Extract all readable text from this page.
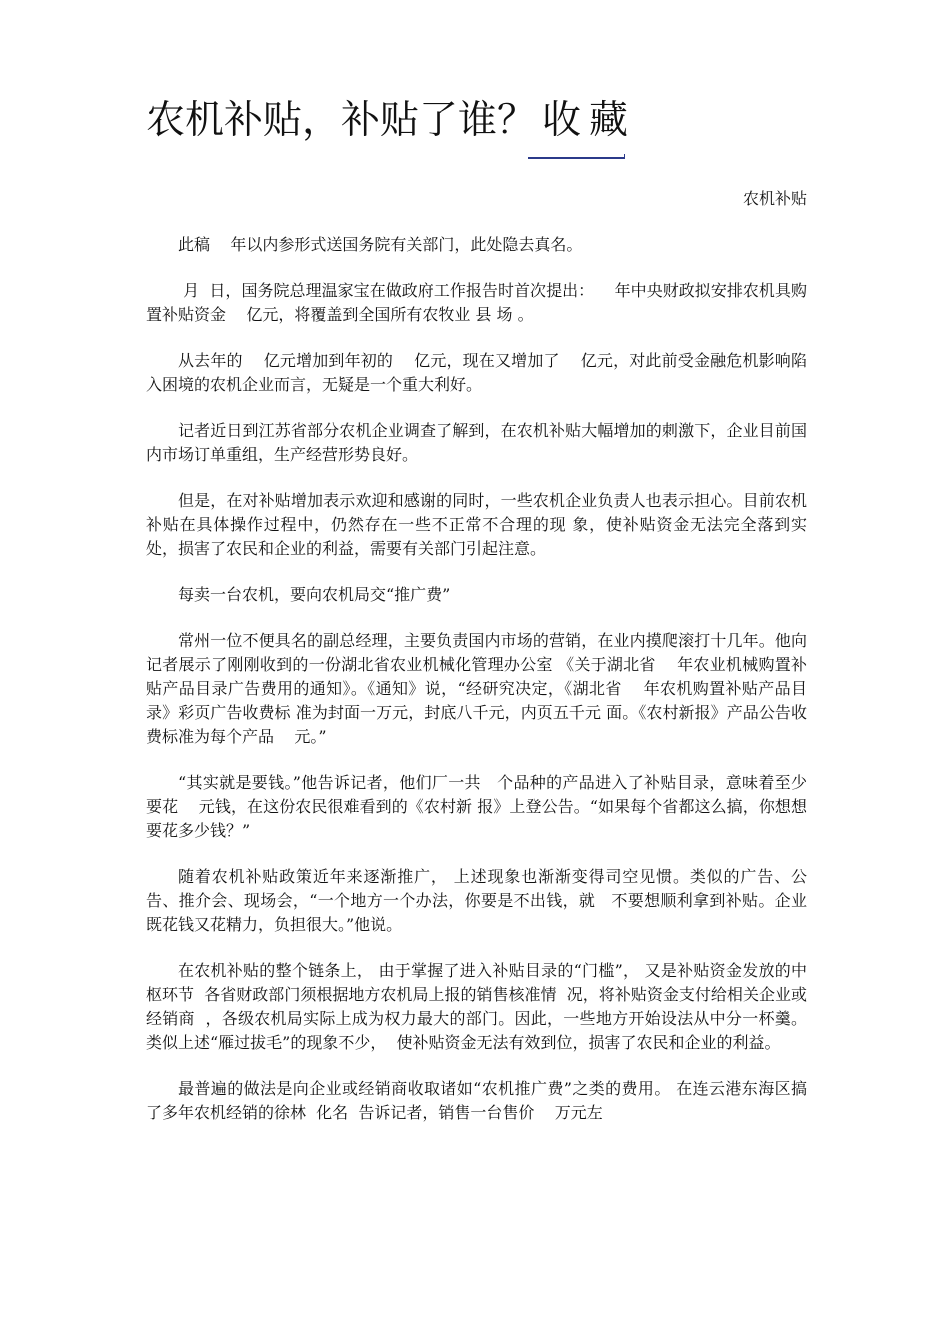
农机补贴，补贴了谁？ 收藏
农机补贴

此稿    年以内参形式送国务院有关部门，此处隐去真名。

月  日，国务院总理温家宝在做政府工作报告时首次提出：    年中央财政拟安排农机具购置补贴资金    亿元，将覆盖到全国所有农牧业 县 场 。

从去年的    亿元增加到年初的    亿元，现在又增加了    亿元，对此前受金融危机影响陷入困境的农机企业而言，无疑是一个重大利好。

记者近日到江苏省部分农机企业调查了解到，在农机补贴大幅增加的刺激下，企业目前国内市场订单重组，生产经营形势良好。

但是，在对补贴增加表示欢迎和感谢的同时，一些农机企业负责人也表示担心。目前农机补贴在具体操作过程中，仍然存在一些不正常不合理的现 象，使补贴资金无法完全落到实处，损害了农民和企业的利益，需要有关部门引起注意。

每卖一台农机，要向农机局交“推广费”

常州一位不便具名的副总经理，主要负责国内市场的营销，在业内摸爬滚打十几年。他向记者展示了刚刚收到的一份湖北省农业机械化管理办公室 《关于湖北省    年农业机械购置补贴产品目录广告费用的通知》。《通知》说，“经研究决定，《湖北省    年农机购置补贴产品目录》彩页广告收费标 准为封面一万元，封底八千元，内页五千元 面。《农村新报》产品公告收费标准为每个产品    元。”

“其实就是要钱。”他告诉记者，他们厂一共   个品种的产品进入了补贴目录，意味着至少要花    元钱，在这份农民很难看到的《农村新 报》上登公告。“如果每个省都这么搞，你想想要花多少钱？”

随着农机补贴政策近年来逐渐推广， 上述现象也渐渐变得司空见惯。类似的广告、公告、推介会、现场会，“一个地方一个办法，你要是不出钱，就   不要想顺利拿到补贴。企业既花钱又花精力，负担很大。”他说。

在农机补贴的整个链条上， 由于掌握了进入补贴目录的“门槛”， 又是补贴资金发放的中枢环节  各省财政部门须根据地方农机局上报的销售核准情  况，将补贴资金支付给相关企业或经销商  ，各级农机局实际上成为权力最大的部门。因此，一些地方开始设法从中分一杯羹。类似上述“雁过拔毛”的现象不少，  使补贴资金无法有效到位，损害了农民和企业的利益。

最普遍的做法是向企业或经销商收取诸如“农机推广费”之类的费用。 在连云港东海区搞了多年农机经销的徐林  化名  告诉记者，销售一台售价    万元左
